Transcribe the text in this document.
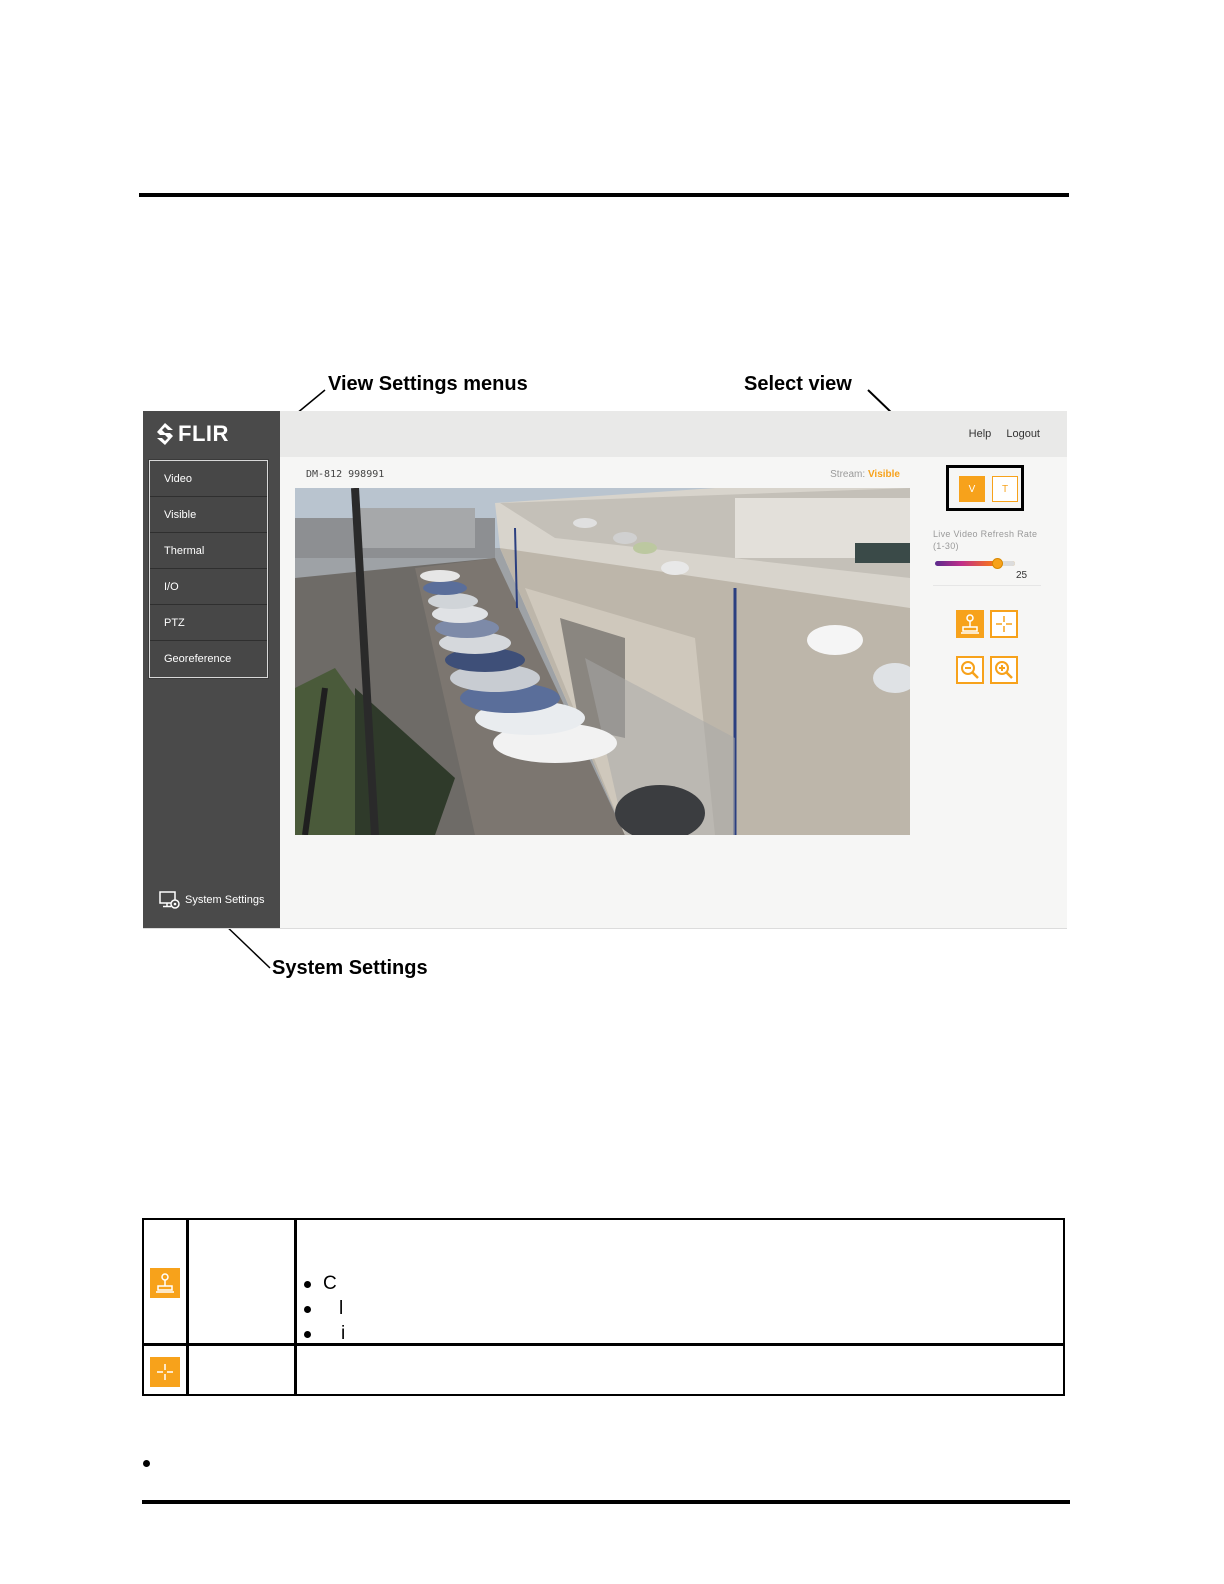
View Settings menus	Select view
System Settings
FLIR
Video
Visible
Thermal
I/O
PTZ
Georeference
System Settings
Help Logout
DM-812 998991	Stream: Visible
V	T
Live Video Refresh Rate (1-30)
25
C
l
i
